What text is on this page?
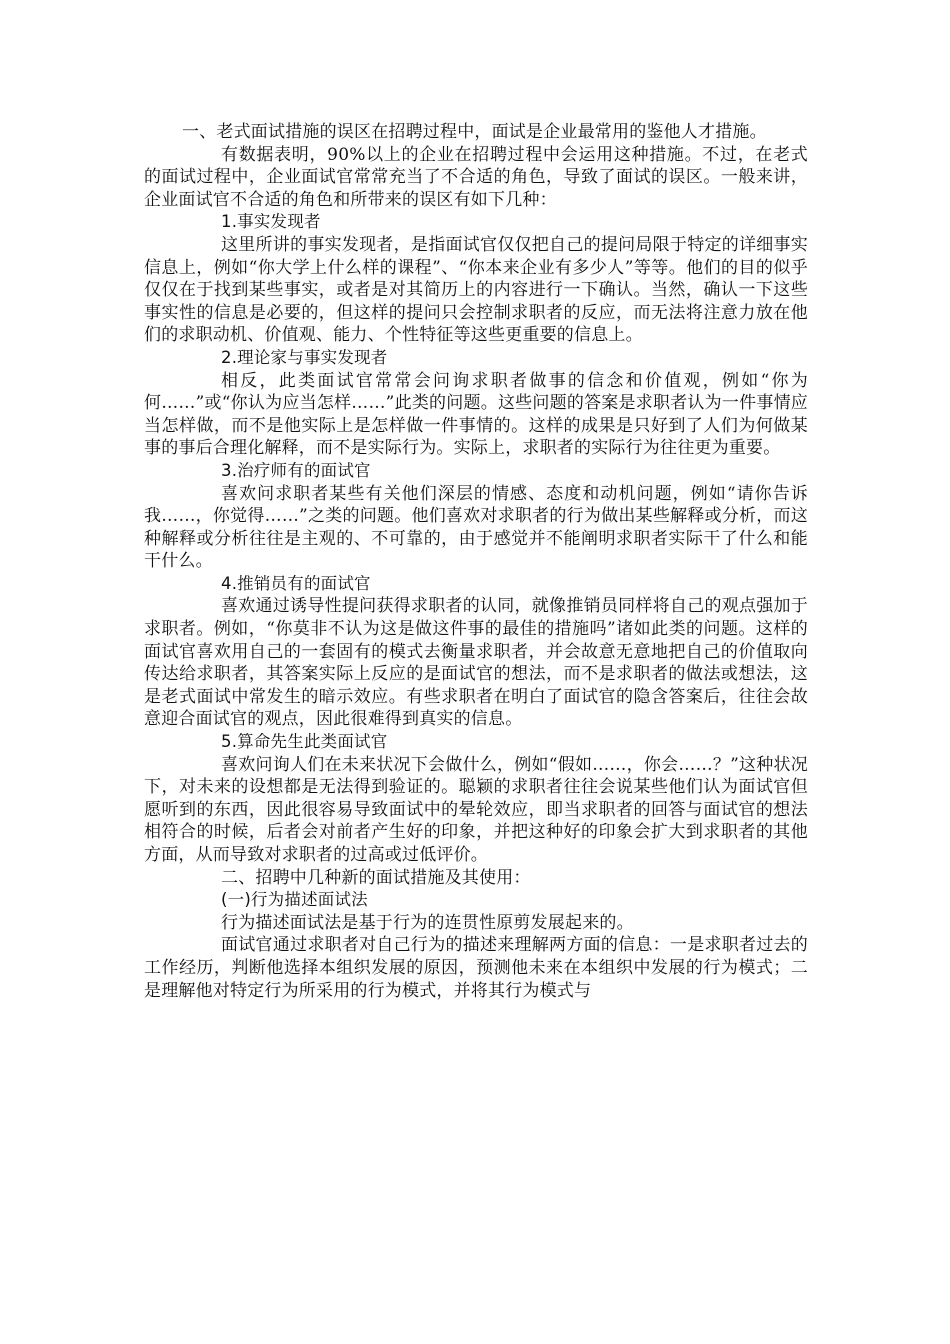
一、老式面试措施的误区在招聘过程中，面试是企业最常用的鉴他人才措施。

有数据表明，90%以上的企业在招聘过程中会运用这种措施。不过，在老式的面试过程中，企业面试官常常充当了不合适的角色，导致了面试的误区。一般来讲，企业面试官不合适的角色和所带来的误区有如下几种：

1.事实发现者

这里所讲的事实发现者，是指面试官仅仅把自己的提问局限于特定的详细事实信息上，例如“你大学上什么样的课程”、“你本来企业有多少人”等等。他们的目的似乎仅仅在于找到某些事实，或者是对其简历上的内容进行一下确认。当然，确认一下这些事实性的信息是必要的，但这样的提问只会控制求职者的反应，而无法将注意力放在他们的求职动机、价值观、能力、个性特征等这些更重要的信息上。

2.理论家与事实发现者

相反，此类面试官常常会问询求职者做事的信念和价值观，例如“你为何……”或“你认为应当怎样……”此类的问题。这些问题的答案是求职者认为一件事情应当怎样做，而不是他实际上是怎样做一件事情的。这样的成果是只好到了人们为何做某事的事后合理化解释，而不是实际行为。实际上，求职者的实际行为往往更为重要。

3.治疗师有的面试官

喜欢问求职者某些有关他们深层的情感、态度和动机问题，例如“请你告诉我……，你觉得……”之类的问题。他们喜欢对求职者的行为做出某些解释或分析，而这种解释或分析往往是主观的、不可靠的，由于感觉并不能阐明求职者实际干了什么和能干什么。

4.推销员有的面试官

喜欢通过诱导性提问获得求职者的认同，就像推销员同样将自己的观点强加于求职者。例如，“你莫非不认为这是做这件事的最佳的措施吗”诸如此类的问题。这样的面试官喜欢用自己的一套固有的模式去衡量求职者，并会故意无意地把自己的价值取向传达给求职者，其答案实际上反应的是面试官的想法，而不是求职者的做法或想法，这是老式面试中常发生的暗示效应。有些求职者在明白了面试官的隐含答案后，往往会故意迎合面试官的观点，因此很难得到真实的信息。

5.算命先生此类面试官

喜欢问询人们在未来状况下会做什么，例如“假如……，你会……？”这种状况下，对未来的设想都是无法得到验证的。聪颖的求职者往往会说某些他们认为面试官但愿听到的东西，因此很容易导致面试中的晕轮效应，即当求职者的回答与面试官的想法相符合的时候，后者会对前者产生好的印象，并把这种好的印象会扩大到求职者的其他方面，从而导致对求职者的过高或过低评价。

二、招聘中几种新的面试措施及其使用：

(一)行为描述面试法

行为描述面试法是基于行为的连贯性原剪发展起来的。

面试官通过求职者对自己行为的描述来理解两方面的信息：一是求职者过去的工作经历，判断他选择本组织发展的原因，预测他未来在本组织中发展的行为模式；二是理解他对特定行为所采用的行为模式，并将其行为模式与
